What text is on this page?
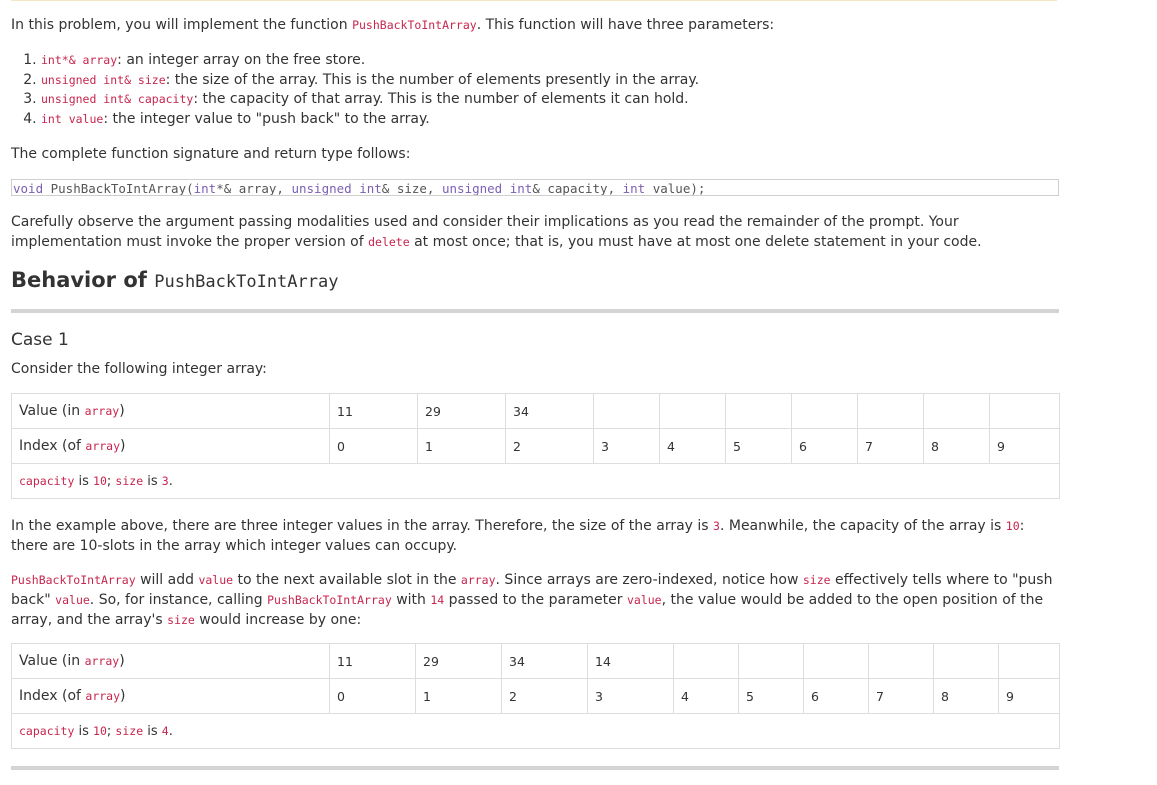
In this problem, you will implement the function PushBackToIntArray. This function will have three parameters:

1. int*& array: an integer array on the free store.
2. unsigned int& size: the size of the array. This is the number of elements presently in the array.
3. unsigned int& capacity: the capacity of that array. This is the number of elements it can hold.
4. int value: the integer value to "push back" to the array.

The complete function signature and return type follows:

void PushBackToIntArray(int*& array, unsigned int& size, unsigned int& capacity, int value);

Carefully observe the argument passing modalities used and consider their implications as you read the remainder of the prompt. Your implementation must invoke the proper version of delete at most once; that is, you must have at most one delete statement in your code.

Behavior of PushBackToIntArray
Case 1

Consider the following integer array:

Value (in array)	11	29	34							
Index (of array)	0	1	2	3	4	5	6	7	8	9
capacity is 10; size is 3.										

In the example above, there are three integer values in the array. Therefore, the size of the array is 3. Meanwhile, the capacity of the array is 10: there are 10-slots in the array which integer values can occupy.

PushBackToIntArray will add value to the next available slot in the array. Since arrays are zero-indexed, notice how size effectively tells where to "push back" value. So, for instance, calling PushBackToIntArray with 14 passed to the parameter value, the value would be added to the open position of the array, and the array's size would increase by one:

Value (in array)	11	29	34	14						
Index (of array)	0	1	2	3	4	5	6	7	8	9
capacity is 10; size is 4.										
